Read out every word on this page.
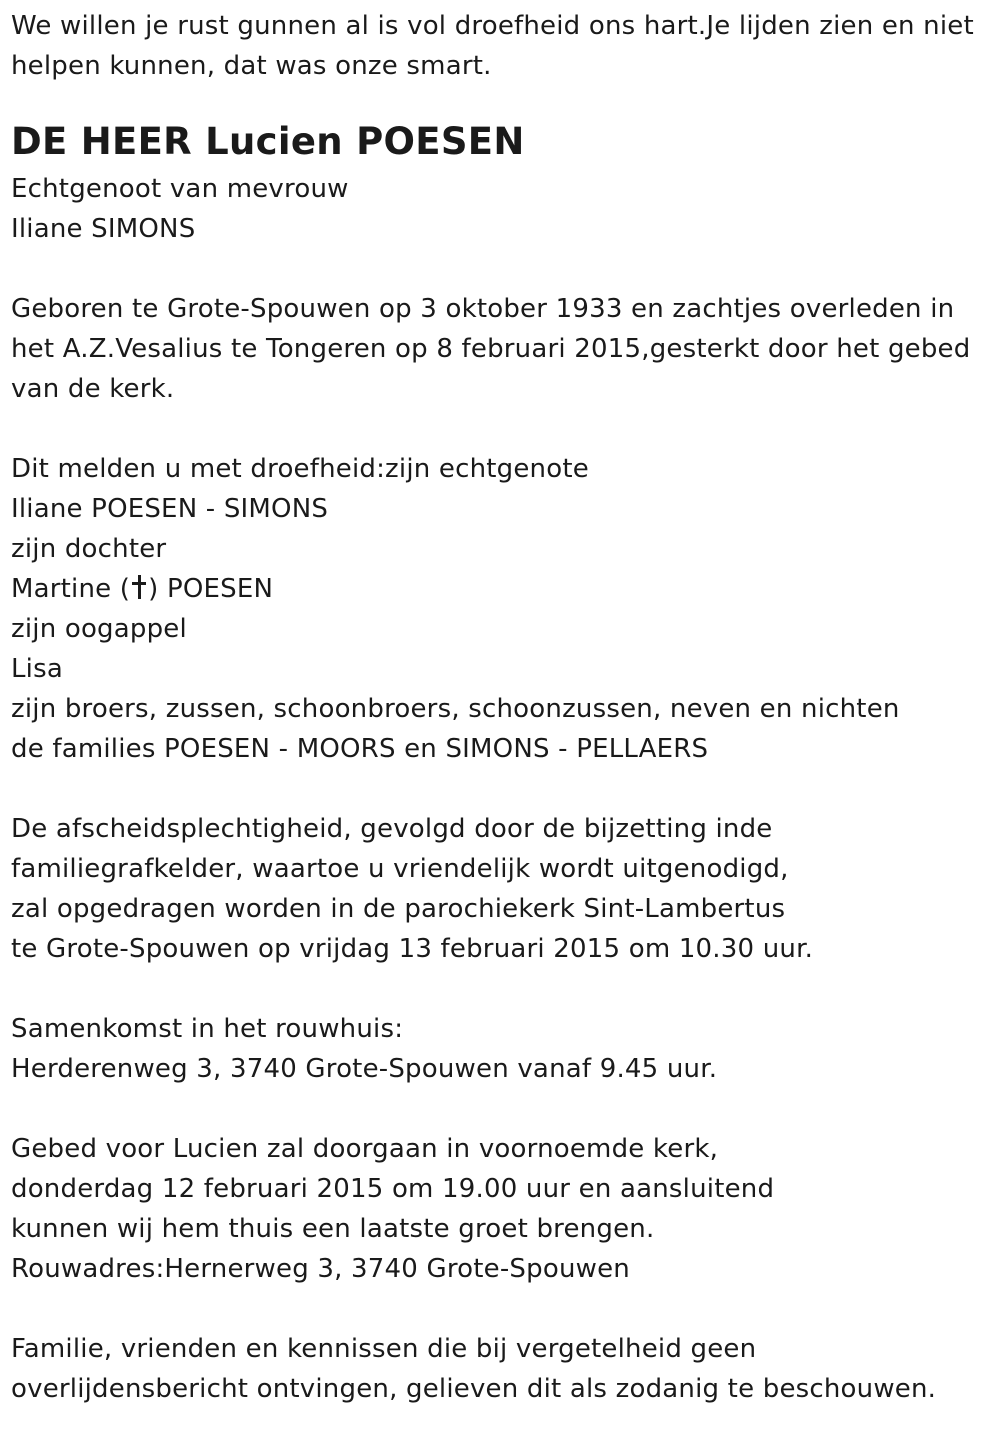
We willen je rust gunnen al is vol droefheid ons hart.Je lijden zien en niet
helpen kunnen, dat was onze smart.
DE HEER Lucien POESEN
Echtgenoot van mevrouw
Iliane SIMONS
Geboren te Grote-Spouwen op 3 oktober 1933 en zachtjes overleden in
het A.Z.Vesalius te Tongeren op 8 februari 2015,gesterkt door het gebed
van de kerk.
Dit melden u met droefheid:zijn echtgenote
Iliane POESEN - SIMONS
zijn dochter
Martine ( ) POESEN
zijn oogappel
Lisa
zijn broers, zussen, schoonbroers, schoonzussen, neven en nichten
de families POESEN - MOORS en SIMONS - PELLAERS
De afscheidsplechtigheid, gevolgd door de bijzetting inde
familiegrafkelder, waartoe u vriendelijk wordt uitgenodigd,
zal opgedragen worden in de parochiekerk Sint-Lambertus
te Grote-Spouwen op vrijdag 13 februari 2015 om 10.30 uur.
Samenkomst in het rouwhuis:
Herderenweg 3, 3740 Grote-Spouwen vanaf 9.45 uur.
Gebed voor Lucien zal doorgaan in voornoemde kerk,
donderdag 12 februari 2015 om 19.00 uur en aansluitend
kunnen wij hem thuis een laatste groet brengen.
Rouwadres:Hernerweg 3, 3740 Grote-Spouwen
Familie, vrienden en kennissen die bij vergetelheid geen
overlijdensbericht ontvingen, gelieven dit als zodanig te beschouwen.
